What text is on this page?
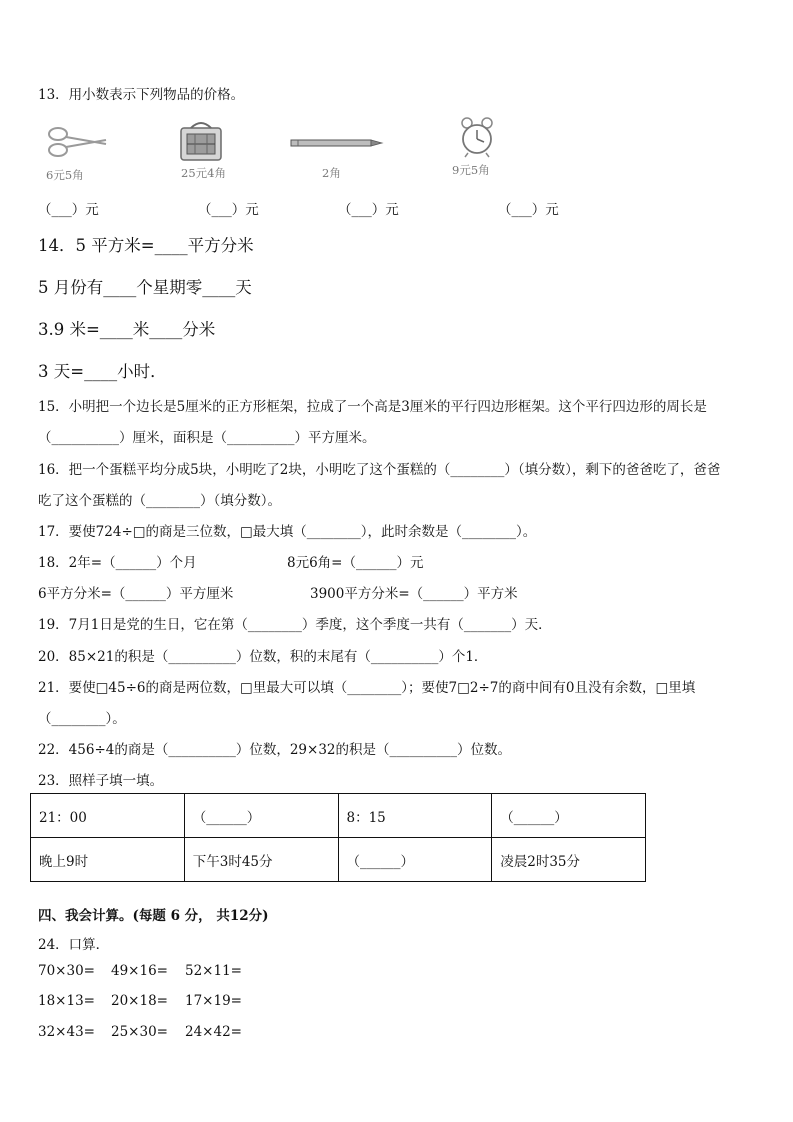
13．用小数表示下列物品的价格。
6元5角	25元4角	2角	9元5角
（___）元	（___）元	（___）元	（___）元
14．5 平方米=____平方分米
5 月份有____个星期零____天
3.9 米=____米____分米
3 天=____小时．
15．小明把一个边长是5厘米的正方形框架，拉成了一个高是3厘米的平行四边形框架。这个平行四边形的周长是
（__________）厘米，面积是（__________）平方厘米。
16．把一个蛋糕平均分成5块，小明吃了2块，小明吃了这个蛋糕的（________）（填分数），剩下的爸爸吃了，爸爸
吃了这个蛋糕的（________）（填分数）。
17．要使724÷□的商是三位数，□最大填（________），此时余数是（________）。
18．2年=（______）个月	8元6角=（______）元
6平方分米=（______）平方厘米	3900平方分米=（______）平方米
19．7月1日是党的生日，它在第（________）季度，这个季度一共有（_______）天．
20．85×21的积是（__________）位数，积的末尾有（__________）个1．
21．要使□45÷6的商是两位数，□里最大可以填（________）；要使7□2÷7的商中间有0且没有余数，□里填
（________）。
22．456÷4的商是（__________）位数，29×32的积是（__________）位数。
23．照样子填一填。
21：00	（______）	8：15	（______）
晚上9时	下午3时45分	（______）	凌晨2时35分
四、我会计算。(每题 6 分， 共12分)
24．口算．
70×30= 49×16= 52×11=
18×13= 20×18= 17×19=
32×43= 25×30= 24×42=
